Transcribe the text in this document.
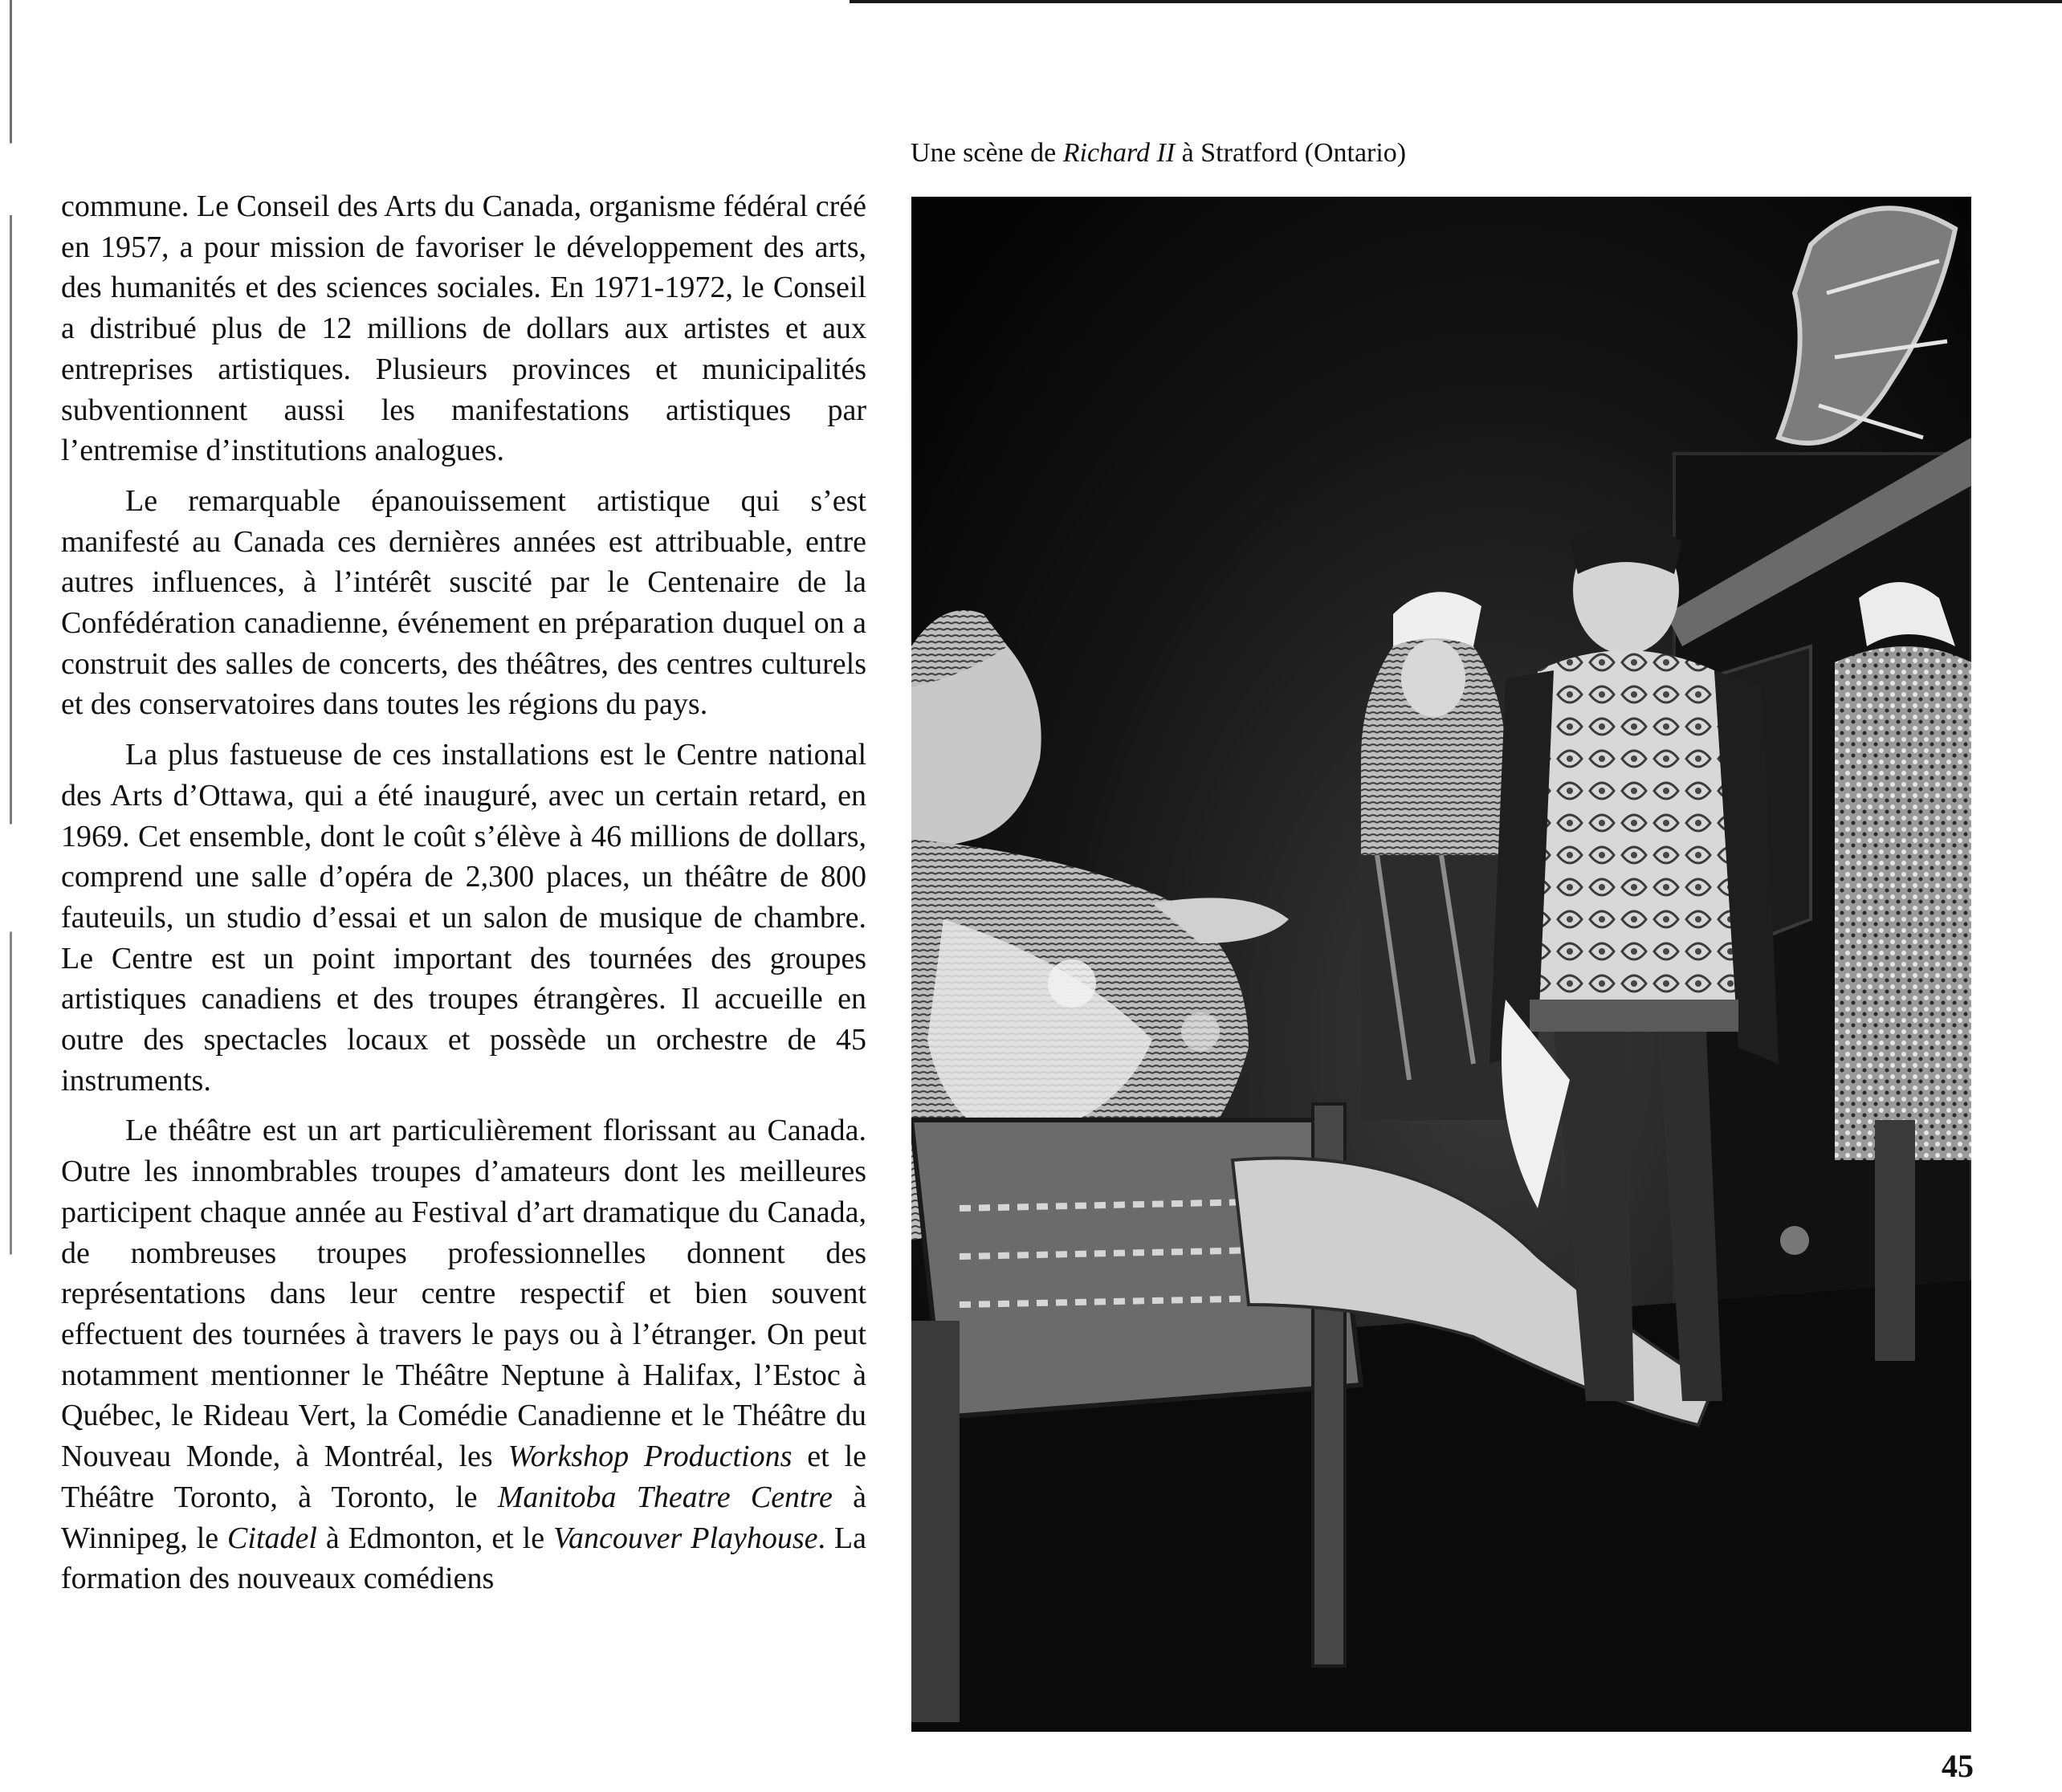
Une scène de Richard II à Stratford (Ontario)

commune. Le Conseil des Arts du Canada, organisme fédéral créé en 1957, a pour mission de favoriser le développement des arts, des humanités et des sciences sociales. En 1971-1972, le Conseil a distribué plus de 12 millions de dollars aux artistes et aux entreprises artistiques. Plusieurs provinces et municipalités subventionnent aussi les manifestations artistiques par l’entremise d’institutions analogues.

Le remarquable épanouissement artistique qui s’est manifesté au Canada ces dernières années est attribuable, entre autres influences, à l’intérêt suscité par le Centenaire de la Confédération canadienne, événement en préparation duquel on a construit des salles de concerts, des théâtres, des centres culturels et des conservatoires dans toutes les régions du pays.

La plus fastueuse de ces installations est le Centre national des Arts d’Ottawa, qui a été inauguré, avec un certain retard, en 1969. Cet ensemble, dont le coût s’élève à 46 millions de dollars, comprend une salle d’opéra de 2,300 places, un théâtre de 800 fauteuils, un studio d’essai et un salon de musique de chambre. Le Centre est un point important des tournées des groupes artistiques canadiens et des troupes étrangères. Il accueille en outre des spectacles locaux et possède un orchestre de 45 instruments.

Le théâtre est un art particulièrement florissant au Canada. Outre les innombrables troupes d’amateurs dont les meilleures participent chaque année au Festival d’art dramatique du Canada, de nombreuses troupes professionnelles donnent des représentations dans leur centre respectif et bien souvent effectuent des tournées à travers le pays ou à l’étranger. On peut notamment mentionner le Théâtre Neptune à Halifax, l’Estoc à Québec, le Rideau Vert, la Comédie Canadienne et le Théâtre du Nouveau Monde, à Montréal, les Workshop Productions et le Théâtre Toronto, à Toronto, le Manitoba Theatre Centre à Winnipeg, le Citadel à Edmonton, et le Vancouver Playhouse. La formation des nouveaux comédiens

45
